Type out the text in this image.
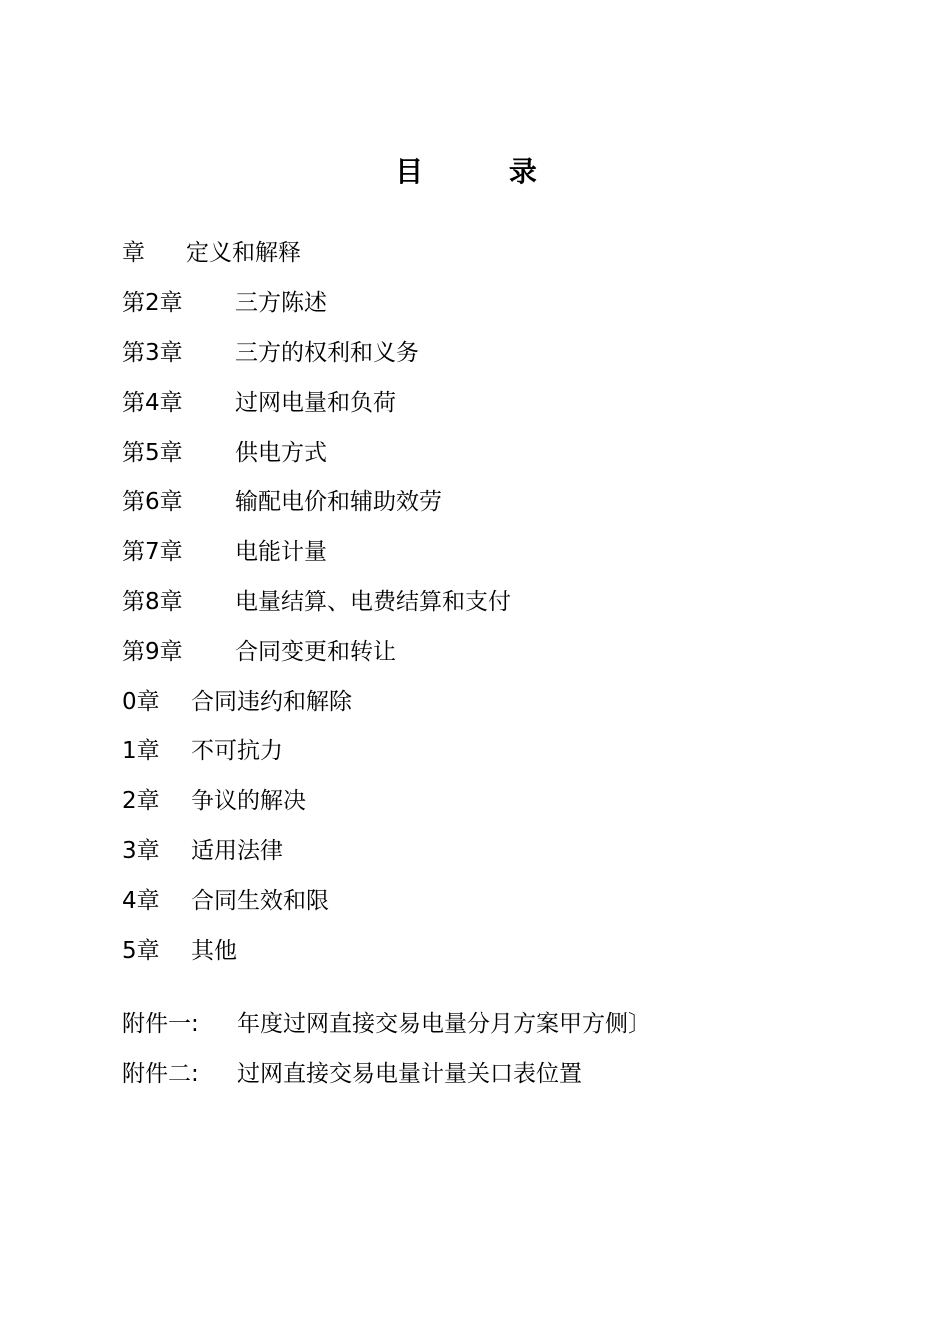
目 录
章	定义和解释
第2章	三方陈述
第3章	三方的权利和义务
第4章	过网电量和负荷
第5章	供电方式
第6章	输配电价和辅助效劳
第7章	电能计量
第8章	电量结算、电费结算和支付
第9章	合同变更和转让
0章	合同违约和解除
1章	不可抗力
2章	争议的解决
3章	适用法律
4章	合同生效和限
5章	其他
附件一:	年度过网直接交易电量分月方案甲方侧〕
附件二:	过网直接交易电量计量关口表位置
